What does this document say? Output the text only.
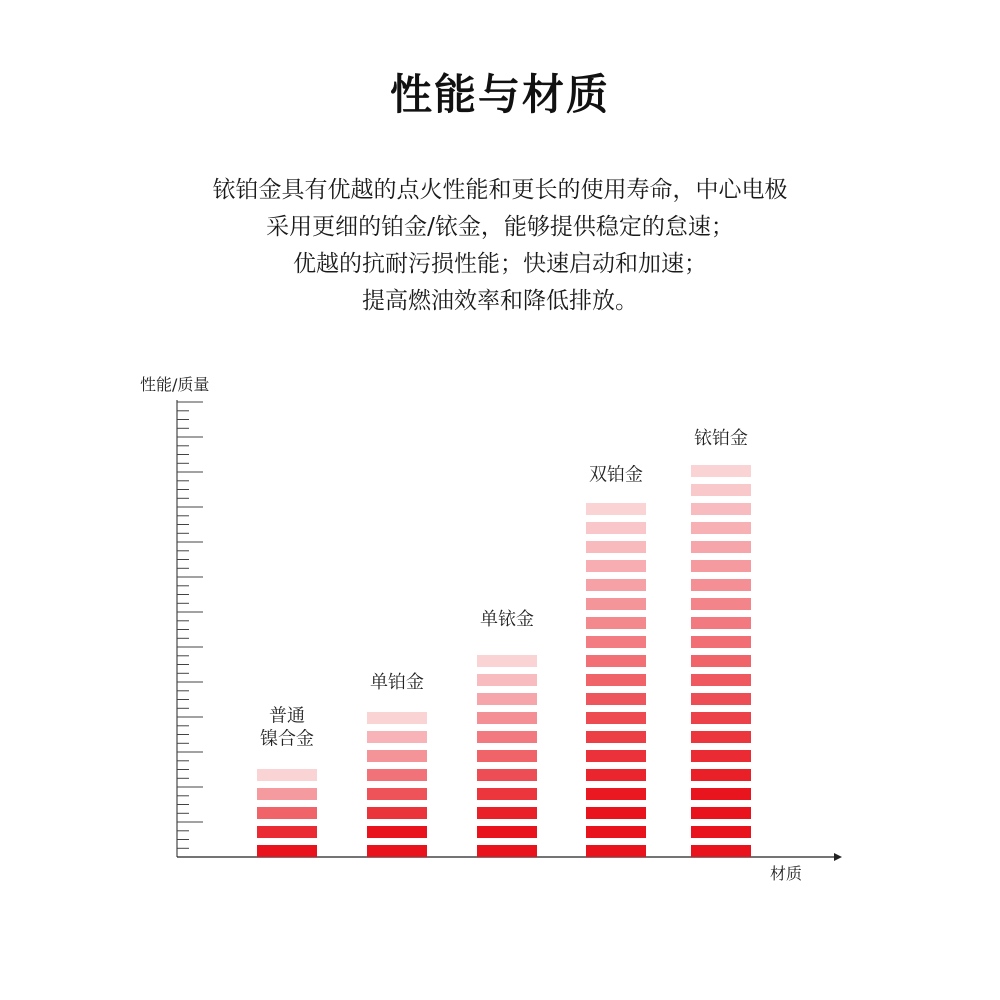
性能与材质
铱铂金具有优越的点火性能和更长的使用寿命，中心电极
采用更细的铂金/铱金，能够提供稳定的怠速；
优越的抗耐污损性能；快速启动和加速；
提高燃油效率和降低排放。
性能/质量
材质
普通
镍合金
单铂金
单铱金
双铂金
铱铂金
